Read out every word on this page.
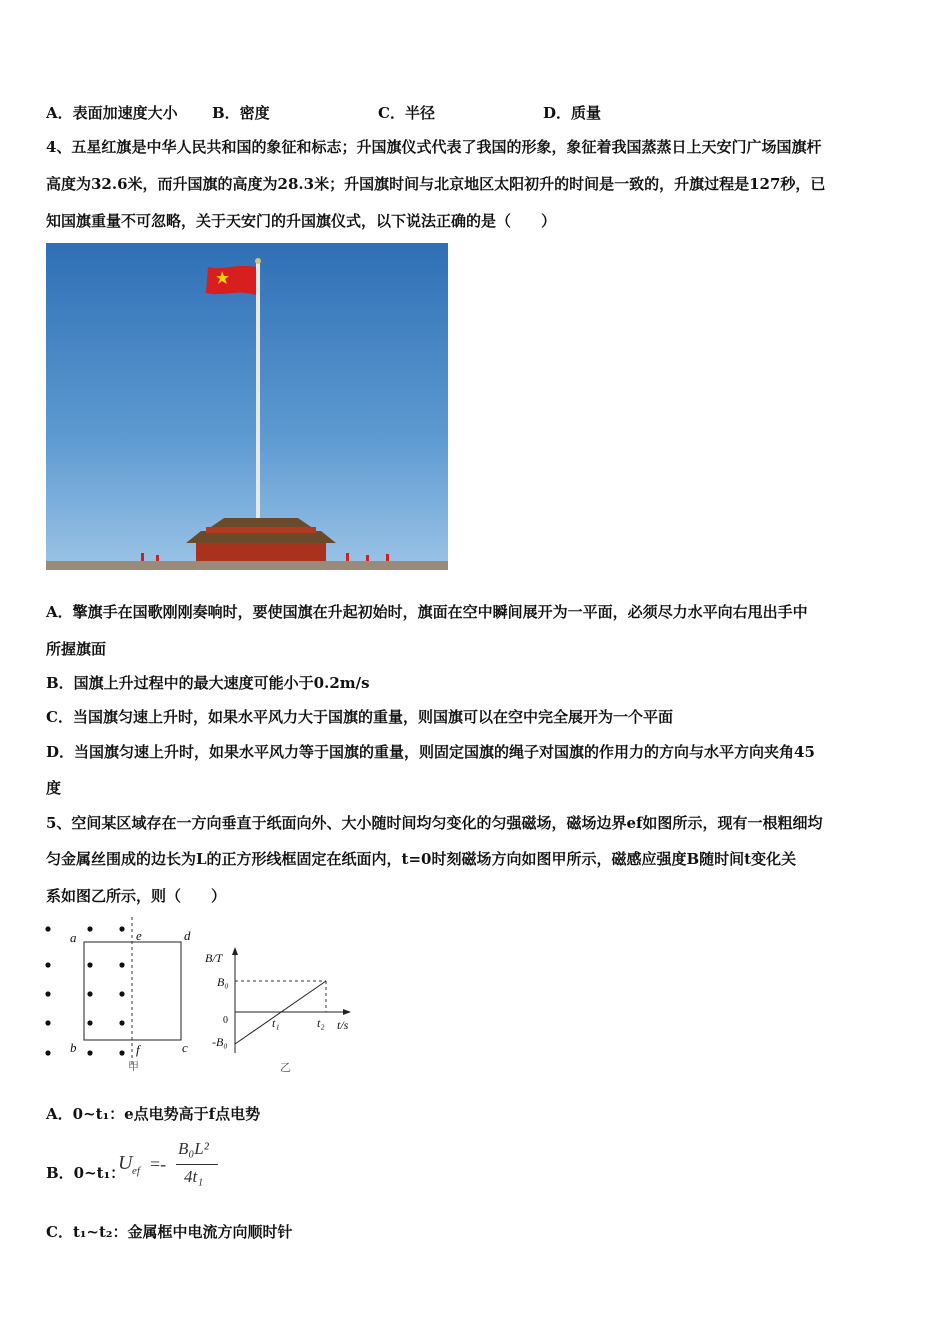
A．表面加速度大小 B．密度	C．半径	D．质量
4、五星红旗是中华人民共和国的象征和标志；升国旗仪式代表了我国的形象，象征着我国蒸蒸日上天安门广场国旗杆
高度为32.6米，而升国旗的高度为28.3米；升国旗时间与北京地区太阳初升的时间是一致的，升旗过程是127秒，已
知国旗重量不可忽略，关于天安门的升国旗仪式，以下说法正确的是（　　）
A．擎旗手在国歌刚刚奏响时，要使国旗在升起初始时，旗面在空中瞬间展开为一平面，必须尽力水平向右甩出手中
所握旗面
B．国旗上升过程中的最大速度可能小于0.2m/s
C．当国旗匀速上升时，如果水平风力大于国旗的重量，则国旗可以在空中完全展开为一个平面
D．当国旗匀速上升时，如果水平风力等于国旗的重量，则固定国旗的绳子对国旗的作用力的方向与水平方向夹角45
度
5、空间某区域存在一方向垂直于纸面向外、大小随时间均匀变化的匀强磁场，磁场边界ef如图所示，现有一根粗细均
匀金属丝围成的边长为L的正方形线框固定在纸面内，t=0时刻磁场方向如图甲所示，磁感应强度B随时间t变化关
系如图乙所示，则（　　）
a	e	d
b	f	c
甲
B/T
B₀
0
-B₀
t₁	t₂ t/s
乙
A．0~t₁：e点电势高于f点电势
B．0~t₁：
U ef =-
B₀L²
4t₁
C．t₁~t₂：金属框中电流方向顺时针
